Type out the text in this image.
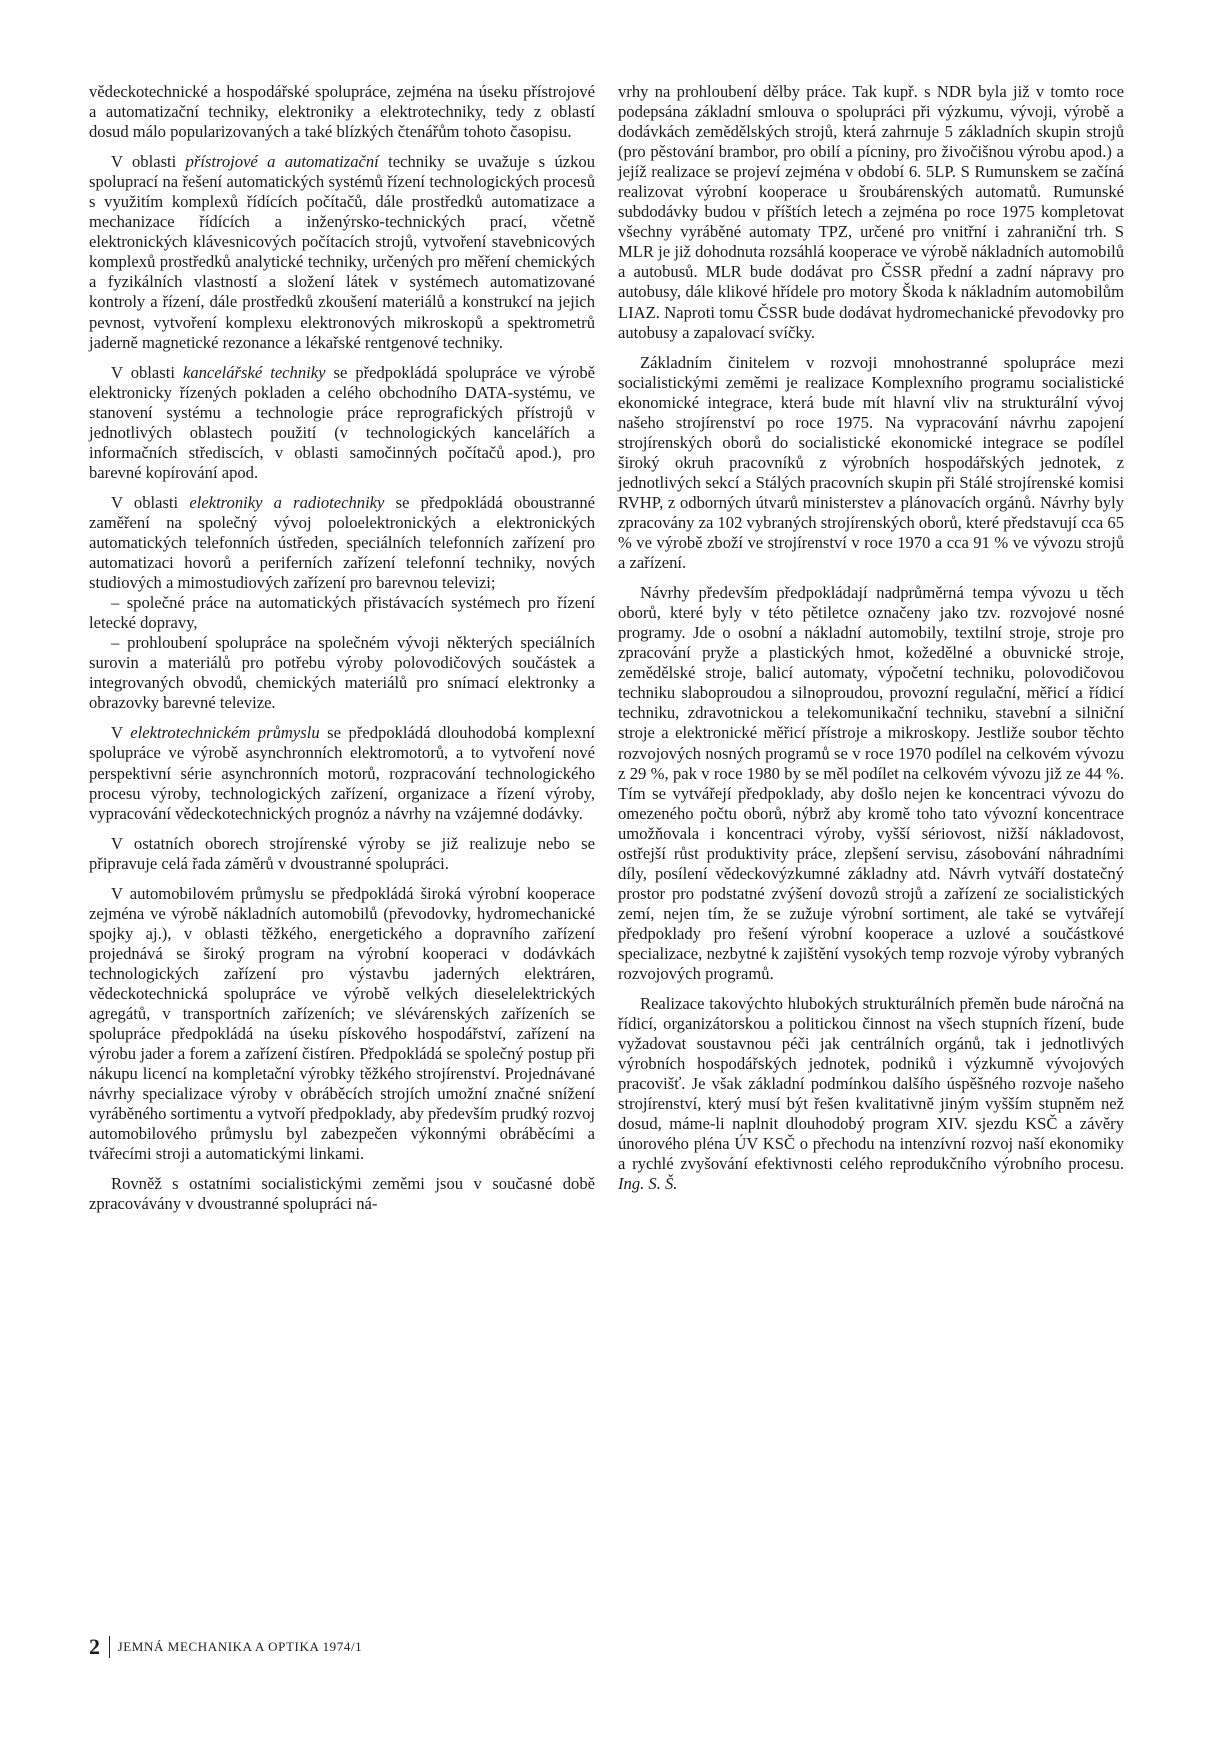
vědeckotechnické a hospodářské spolupráce, zejména na úseku přístrojové a automatizační techniky, elektroniky a elektrotechniky, tedy z oblastí dosud málo popularizovaných a také blízkých čtenářům tohoto časopisu.

V oblasti přístrojové a automatizační techniky se uvažuje s úzkou spoluprací na řešení automatických systémů řízení technologických procesů s využitím komplexů řídících počítačů, dále prostředků automatizace a mechanizace řídících a inženýrsko-technických prací, včetně elektronických klávesnicových počítacích strojů, vytvoření stavebnicových komplexů prostředků analytické techniky, určených pro měření chemických a fyzikálních vlastností a složení látek v systémech automatizované kontroly a řízení, dále prostředků zkoušení materiálů a konstrukcí na jejich pevnost, vytvoření komplexu elektronových mikroskopů a spektrometrů jaderně magnetické rezonance a lékařské rentgenové techniky.

V oblasti kancelářské techniky se předpokládá spolupráce ve výrobě elektronicky řízených pokladen a celého obchodního DATA-systému, ve stanovení systému a technologie práce reprografických přístrojů v jednotlivých oblastech použití (v technologických kancelářích a informačních střediscích, v oblasti samočinných počítačů apod.), pro barevné kopírování apod.

V oblasti elektroniky a radiotechniky se předpokládá oboustranné zaměření na společný vývoj poloelektronických a elektronických automatických telefonních ústředen, speciálních telefonních zařízení pro automatizaci hovorů a periferních zařízení telefonní techniky, nových studiových a mimostudiových zařízení pro barevnou televizi;

– společné práce na automatických přistávacích systémech pro řízení letecké dopravy,

– prohloubení spolupráce na společném vývoji některých speciálních surovin a materiálů pro potřebu výroby polovodičových součástek a integrovaných obvodů, chemických materiálů pro snímací elektronky a obrazovky barevné televize.

V elektrotechnickém průmyslu se předpokládá dlouhodobá komplexní spolupráce ve výrobě asynchronních elektromotorů, a to vytvoření nové perspektivní série asynchronních motorů, rozpracování technologického procesu výroby, technologických zařízení, organizace a řízení výroby, vypracování vědeckotechnických prognóz a návrhy na vzájemné dodávky.

V ostatních oborech strojírenské výroby se již realizuje nebo se připravuje celá řada záměrů v dvoustranné spolupráci.

V automobilovém průmyslu se předpokládá široká výrobní kooperace zejména ve výrobě nákladních automobilů (převodovky, hydromechanické spojky aj.), v oblasti těžkého, energetického a dopravního zařízení projednává se široký program na výrobní kooperaci v dodávkách technologických zařízení pro výstavbu jaderných elektráren, vědeckotechnická spolupráce ve výrobě velkých dieselelektrických agregátů, v transportních zařízeních; ve slévárenských zařízeních se spolupráce předpokládá na úseku pískového hospodářství, zařízení na výrobu jader a forem a zařízení čistíren. Předpokládá se společný postup při nákupu licencí na kompletační výrobky těžkého strojírenství. Projednávané návrhy specializace výroby v obráběcích strojích umožní značné snížení vyráběného sortimentu a vytvoří předpoklady, aby především prudký rozvoj automobilového průmyslu byl zabezpečen výkonnými obráběcími a tvářecími stroji a automatickými linkami.

Rovněž s ostatními socialistickými zeměmi jsou v současné době zpracovávány v dvoustranné spolupráci ná-

vrhy na prohloubení dělby práce. Tak kupř. s NDR byla již v tomto roce podepsána základní smlouva o spolupráci při výzkumu, vývoji, výrobě a dodávkách zemědělských strojů, která zahrnuje 5 základních skupin strojů (pro pěstování brambor, pro obilí a pícniny, pro živočišnou výrobu apod.) a jejíž realizace se projeví zejména v období 6. 5LP. S Rumunskem se začíná realizovat výrobní kooperace u šroubárenských automatů. Rumunské subdodávky budou v příštích letech a zejména po roce 1975 kompletovat všechny vyráběné automaty TPZ, určené pro vnitřní i zahraniční trh. S MLR je již dohodnuta rozsáhlá kooperace ve výrobě nákladních automobilů a autobusů. MLR bude dodávat pro ČSSR přední a zadní nápravy pro autobusy, dále klikové hřídele pro motory Škoda k nákladním automobilům LIAZ. Naproti tomu ČSSR bude dodávat hydromechanické převodovky pro autobusy a zapalovací svíčky.

Základním činitelem v rozvoji mnohostranné spolupráce mezi socialistickými zeměmi je realizace Komplexního programu socialistické ekonomické integrace, která bude mít hlavní vliv na strukturální vývoj našeho strojírenství po roce 1975. Na vypracování návrhu zapojení strojírenských oborů do socialistické ekonomické integrace se podílel široký okruh pracovníků z výrobních hospodářských jednotek, z jednotlivých sekcí a Stálých pracovních skupin při Stálé strojírenské komisi RVHP, z odborných útvarů ministerstev a plánovacích orgánů. Návrhy byly zpracovány za 102 vybraných strojírenských oborů, které představují cca 65 % ve výrobě zboží ve strojírenství v roce 1970 a cca 91 % ve vývozu strojů a zařízení.

Návrhy především předpokládají nadprůměrná tempa vývozu u těch oborů, které byly v této pětiletce označeny jako tzv. rozvojové nosné programy. Jde o osobní a nákladní automobily, textilní stroje, stroje pro zpracování pryže a plastických hmot, kožedělné a obuvnické stroje, zemědělské stroje, balicí automaty, výpočetní techniku, polovodičovou techniku slaboproudou a silnoproudou, provozní regulační, měřicí a řídicí techniku, zdravotnickou a telekomunikační techniku, stavební a silniční stroje a elektronické měřicí přístroje a mikroskopy. Jestliže soubor těchto rozvojových nosných programů se v roce 1970 podílel na celkovém vývozu z 29 %, pak v roce 1980 by se měl podílet na celkovém vývozu již ze 44 %. Tím se vytvářejí předpoklady, aby došlo nejen ke koncentraci vývozu do omezeného počtu oborů, nýbrž aby kromě toho tato vývozní koncentrace umožňovala i koncentraci výroby, vyšší sériovost, nižší nákladovost, ostřejší růst produktivity práce, zlepšení servisu, zásobování náhradními díly, posílení vědeckovýzkumné základny atd. Návrh vytváří dostatečný prostor pro podstatné zvýšení dovozů strojů a zařízení ze socialistických zemí, nejen tím, že se zužuje výrobní sortiment, ale také se vytvářejí předpoklady pro řešení výrobní kooperace a uzlové a součástkové specializace, nezbytné k zajištění vysokých temp rozvoje výroby vybraných rozvojových programů.

Realizace takovýchto hlubokých strukturálních přeměn bude náročná na řídicí, organizátorskou a politickou činnost na všech stupních řízení, bude vyžadovat soustavnou péči jak centrálních orgánů, tak i jednotlivých výrobních hospodářských jednotek, podniků i výzkumně vývojových pracovišť. Je však základní podmínkou dalšího úspěšného rozvoje našeho strojírenství, který musí být řešen kvalitativně jiným vyšším stupněm než dosud, máme-li naplnit dlouhodobý program XIV. sjezdu KSČ a závěry únorového pléna ÚV KSČ o přechodu na intenzívní rozvoj naší ekonomiky a rychlé zvyšování efektivnosti celého reprodukčního výrobního procesu. Ing. S. Š.

2 JEMNÁ MECHANIKA A OPTIKA 1974/1
